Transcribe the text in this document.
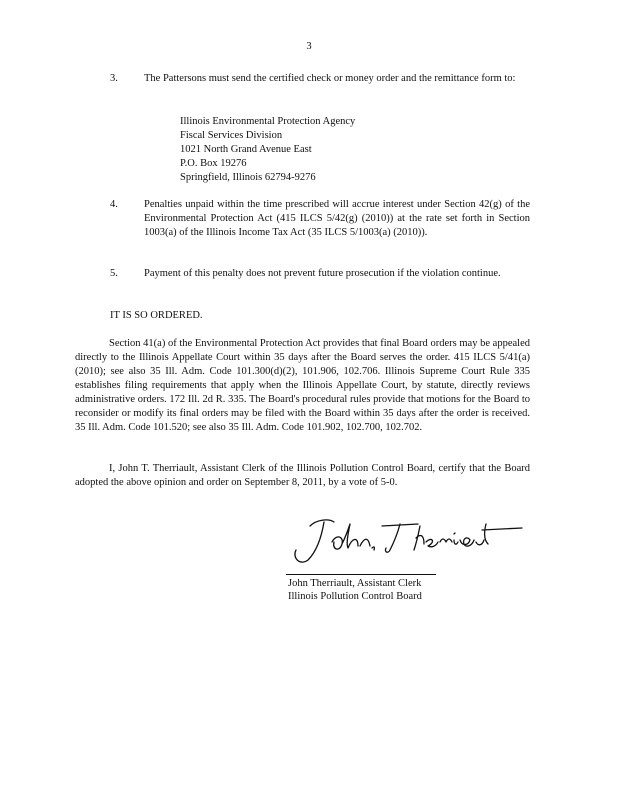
3
3.	The Pattersons must send the certified check or money order and the remittance form to:
Illinois Environmental Protection Agency
Fiscal Services Division
1021 North Grand Avenue East
P.O. Box 19276
Springfield, Illinois 62794-9276
4.	Penalties unpaid within the time prescribed will accrue interest under Section 42(g) of the Environmental Protection Act (415 ILCS 5/42(g) (2010)) at the rate set forth in Section 1003(a) of the Illinois Income Tax Act (35 ILCS 5/1003(a) (2010)).
5.	Payment of this penalty does not prevent future prosecution if the violation continue.
IT IS SO ORDERED.
Section 41(a) of the Environmental Protection Act provides that final Board orders may be appealed directly to the Illinois Appellate Court within 35 days after the Board serves the order. 415 ILCS 5/41(a) (2010); see also 35 Ill. Adm. Code 101.300(d)(2), 101.906, 102.706. Illinois Supreme Court Rule 335 establishes filing requirements that apply when the Illinois Appellate Court, by statute, directly reviews administrative orders. 172 Ill. 2d R. 335. The Board's procedural rules provide that motions for the Board to reconsider or modify its final orders may be filed with the Board within 35 days after the order is received. 35 Ill. Adm. Code 101.520; see also 35 Ill. Adm. Code 101.902, 102.700, 102.702.
I, John T. Therriault, Assistant Clerk of the Illinois Pollution Control Board, certify that the Board adopted the above opinion and order on September 8, 2011, by a vote of 5-0.
John Therriault, Assistant Clerk
Illinois Pollution Control Board
